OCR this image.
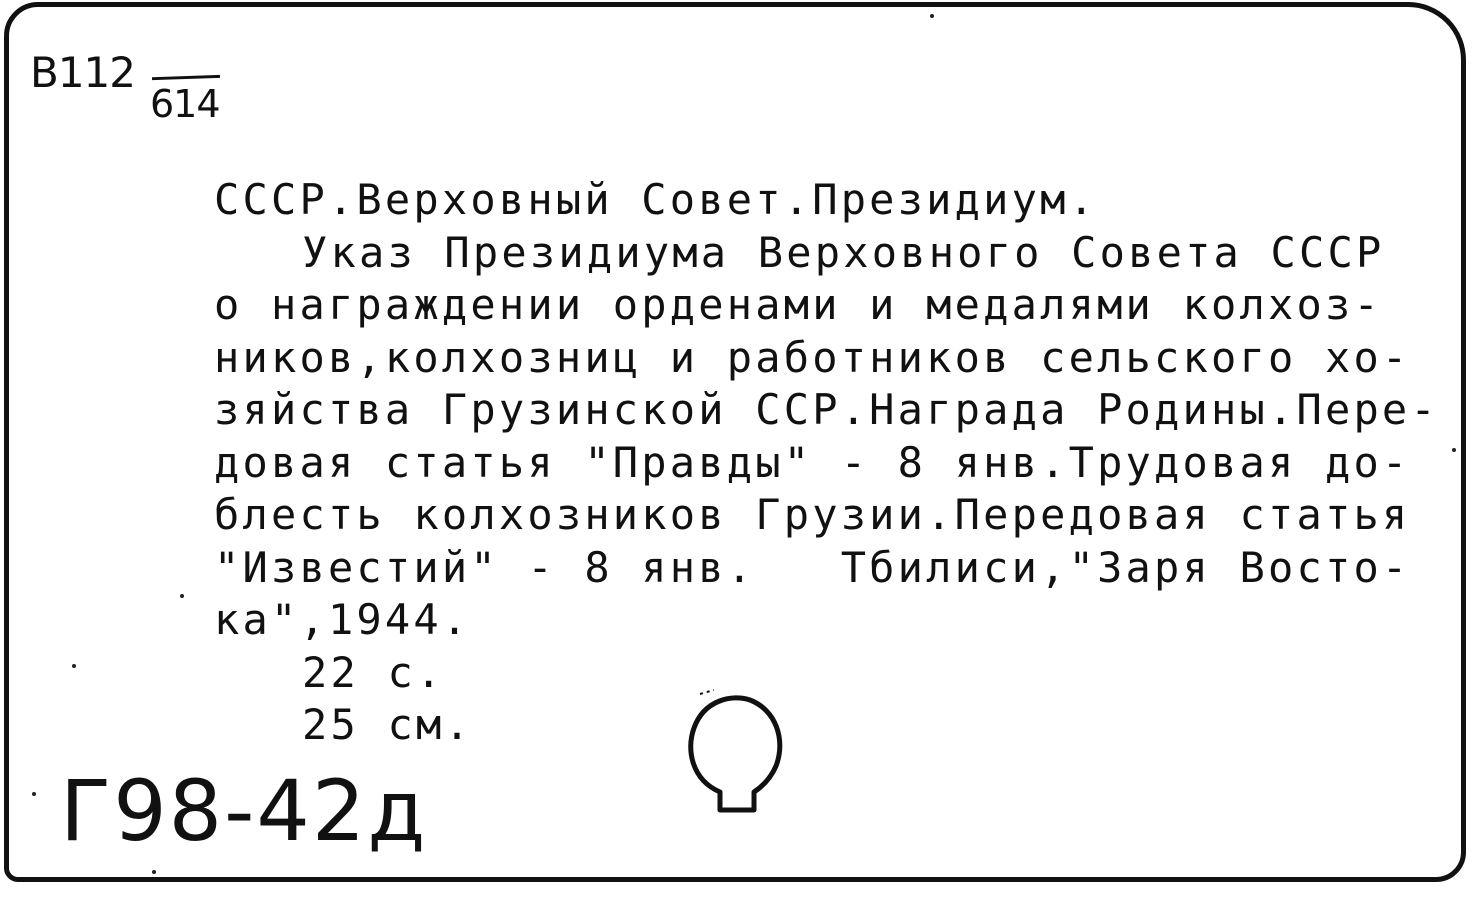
B112
614
СССР.Верховный Совет.Президиум.
Указ Президиума Верховного Совета СССР
о награждении орденами и медалями колхоз-
ников,колхозниц и работников сельского хо-
зяйства Грузинской ССР.Награда Родины.Пере-
довая статья "Правды" - 8 янв.Трудовая до-
блесть колхозников Грузии.Передовая статья
"Известий" - 8 янв.   Тбилиси,"Заря Восто-
ка",1944.
22 с.
25 см.
Г98-42д
